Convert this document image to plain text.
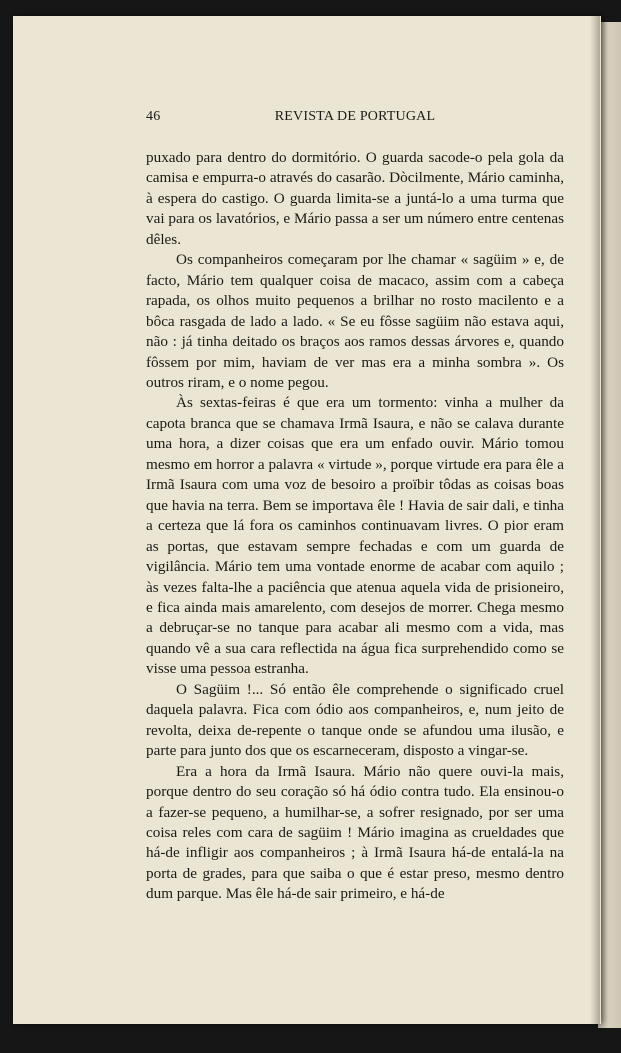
46	REVISTA DE PORTUGAL

puxado para dentro do dormitório. O guarda sacode-o pela gola da camisa e empurra-o através do casarão. Dòcilmente, Mário caminha, à espera do castigo. O guarda limita-se a juntá-lo a uma turma que vai para os lavatórios, e Mário passa a ser um número entre centenas dêles.

Os companheiros começaram por lhe chamar « sagüim » e, de facto, Mário tem qualquer coisa de macaco, assim com a cabeça rapada, os olhos muito pequenos a brilhar no rosto macilento e a bôca rasgada de lado a lado. « Se eu fôsse sagüim não estava aqui, não : já tinha deitado os braços aos ramos dessas árvores e, quando fôssem por mim, haviam de ver mas era a minha sombra ». Os outros riram, e o nome pegou.

Às sextas-feiras é que era um tormento: vinha a mulher da capota branca que se chamava Irmã Isaura, e não se calava durante uma hora, a dizer coisas que era um enfado ouvir. Mário tomou mesmo em horror a palavra « virtude », porque virtude era para êle a Irmã Isaura com uma voz de besoiro a proïbir tôdas as coisas boas que havia na terra. Bem se importava êle ! Havia de sair dali, e tinha a certeza que lá fora os caminhos continuavam livres. O pior eram as portas, que estavam sempre fechadas e com um guarda de vigilância. Mário tem uma vontade enorme de acabar com aquilo ; às vezes falta-lhe a paciência que atenua aquela vida de prisioneiro, e fica ainda mais amarelento, com desejos de morrer. Chega mesmo a debruçar-se no tanque para acabar ali mesmo com a vida, mas quando vê a sua cara reflectida na água fica surprehendido como se visse uma pessoa estranha.

O Sagüim !... Só então êle comprehende o significado cruel daquela palavra. Fica com ódio aos companheiros, e, num jeito de revolta, deixa de-repente o tanque onde se afundou uma ilusão, e parte para junto dos que os escarneceram, disposto a vingar-se.

Era a hora da Irmã Isaura. Mário não quere ouvi-la mais, porque dentro do seu coração só há ódio contra tudo. Ela ensinou-o a fazer-se pequeno, a humilhar-se, a sofrer resignado, por ser uma coisa reles com cara de sagüim ! Mário imagina as crueldades que há-de infligir aos companheiros ; à Irmã Isaura há-de entalá-la na porta de grades, para que saiba o que é estar preso, mesmo dentro dum parque. Mas êle há-de sair primeiro, e há-de
